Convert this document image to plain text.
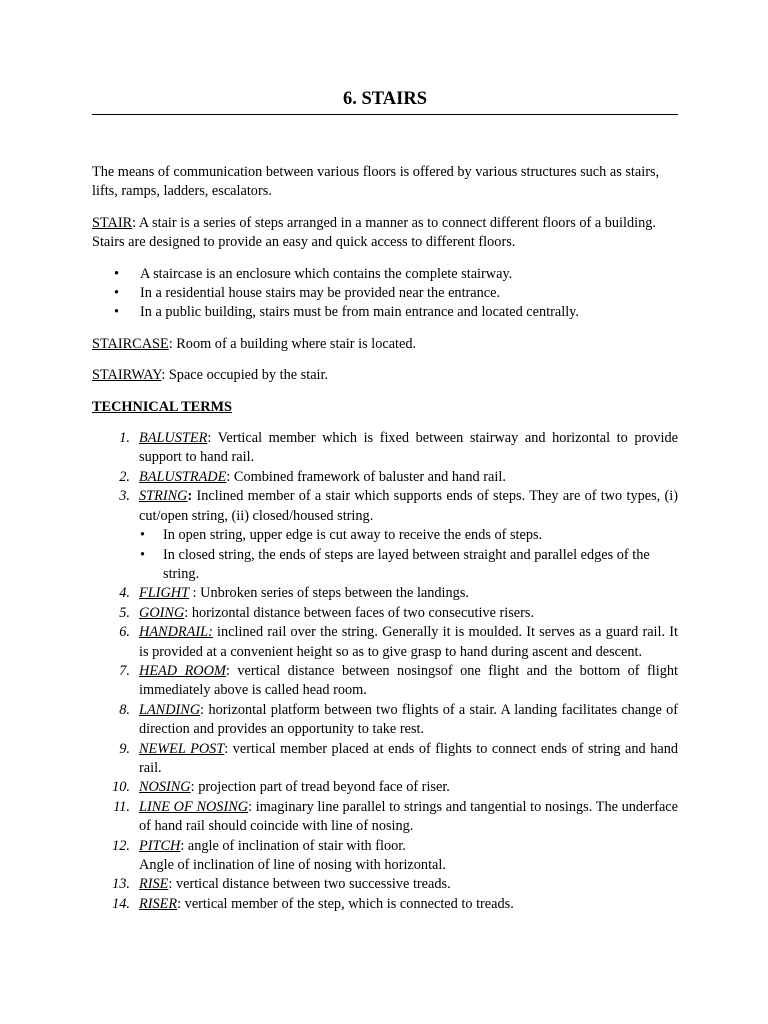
6. STAIRS

The means of communication between various floors is offered by various structures such as stairs, lifts, ramps, ladders, escalators.

STAIR: A stair is a series of steps arranged in a manner as to connect different floors of a building. Stairs are designed to provide an easy and quick access to different floors.

• A staircase is an enclosure which contains the complete stairway.
• In a residential house stairs may be provided near the entrance.
• In a public building, stairs must be from main entrance and located centrally.

STAIRCASE: Room of a building where stair is located.

STAIRWAY: Space occupied by the stair.

TECHNICAL TERMS

1. BALUSTER: Vertical member which is fixed between stairway and horizontal to provide support to hand rail.
2. BALUSTRADE: Combined framework of baluster and hand rail.
3. STRING: Inclined member of a stair which supports ends of steps. They are of two types, (i) cut/open string, (ii) closed/housed string.
• In open string, upper edge is cut away to receive the ends of steps.
• In closed string, the ends of steps are layed between straight and parallel edges of the string.
4. FLIGHT : Unbroken series of steps between the landings.
5. GOING: horizontal distance between faces of two consecutive risers.
6. HANDRAIL: inclined rail over the string. Generally it is moulded. It serves as a guard rail. It is provided at a convenient height so as to give grasp to hand during ascent and descent.
7. HEAD ROOM: vertical distance between nosingsof one flight and the bottom of flight immediately above is called head room.
8. LANDING: horizontal platform between two flights of a stair. A landing facilitates change of direction and provides an opportunity to take rest.
9. NEWEL POST: vertical member placed at ends of flights to connect ends of string and hand rail.
10. NOSING: projection part of tread beyond face of riser.
11. LINE OF NOSING: imaginary line parallel to strings and tangential to nosings. The underface of hand rail should coincide with line of nosing.
12. PITCH: angle of inclination of stair with floor.
Angle of inclination of line of nosing with horizontal.
13. RISE: vertical distance between two successive treads.
14. RISER: vertical member of the step, which is connected to treads.
